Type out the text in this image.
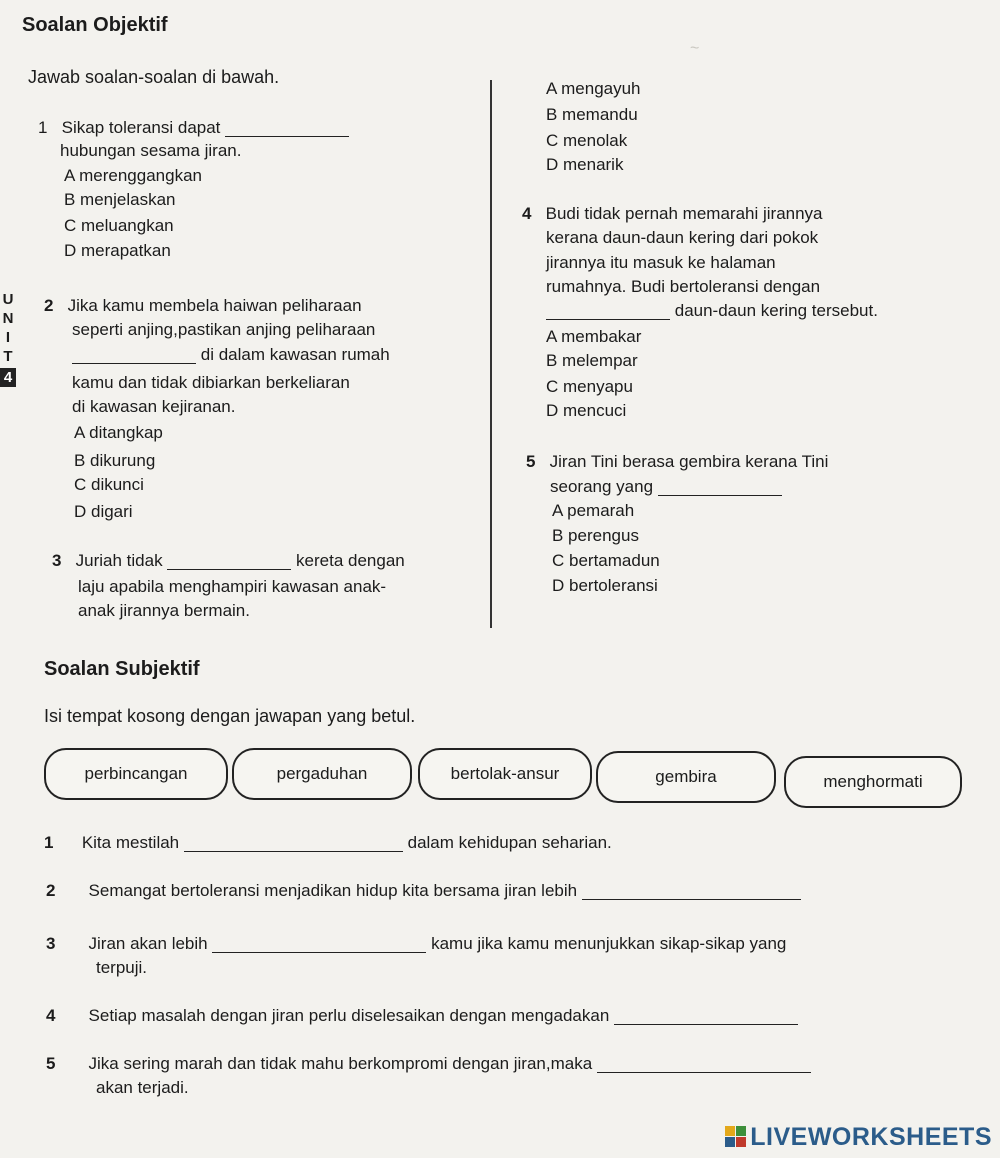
Soalan Objektif
Jawab soalan-soalan di bawah.
~
U
N
I
T
4
1 Sikap toleransi dapat
hubungan sesama jiran.
A merenggangkan
B menjelaskan
C meluangkan
D merapatkan
2 Jika kamu membela haiwan peliharaan
seperti anjing,pastikan anjing peliharaan
di dalam kawasan rumah
kamu dan tidak dibiarkan berkeliaran
di kawasan kejiranan.
A ditangkap
B dikurung
C dikunci
D digari
3 Juriah tidak	kereta dengan
laju apabila menghampiri kawasan anak-
anak jirannya bermain.
A mengayuh
B memandu
C menolak
D menarik
4 Budi tidak pernah memarahi jirannya
kerana daun-daun kering dari pokok
jirannya itu masuk ke halaman
rumahnya. Budi bertoleransi dengan
daun-daun kering tersebut.
A membakar
B melempar
C menyapu
D mencuci
5 Jiran Tini berasa gembira kerana Tini
seorang yang
A pemarah
B perengus
C bertamadun
D bertoleransi
Soalan Subjektif
Isi tempat kosong dengan jawapan yang betul.
perbincangan	pergaduhan	bertolak-ansur	gembira	menghormati
1 Kita mestilah	dalam kehidupan seharian.
2 Semangat bertoleransi menjadikan hidup kita bersama jiran lebih
3 Jiran akan lebih	kamu jika kamu menunjukkan sikap-sikap yang
terpuji.
4 Setiap masalah dengan jiran perlu diselesaikan dengan mengadakan
5 Jika sering marah dan tidak mahu berkompromi dengan jiran,maka
akan terjadi.
LIVEWORKSHEETS
